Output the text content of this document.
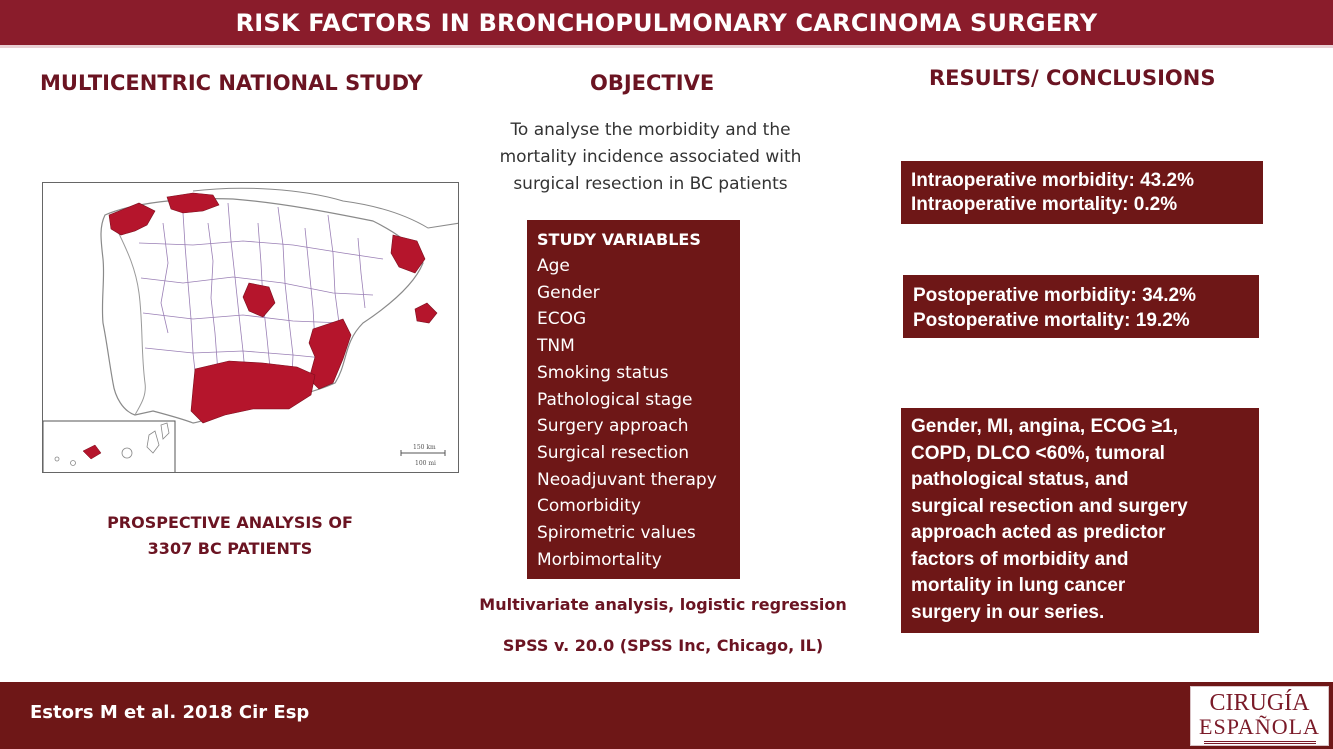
RISK FACTORS IN BRONCHOPULMONARY CARCINOMA SURGERY
MULTICENTRIC NATIONAL STUDY	OBJECTIVE	RESULTS/ CONCLUSIONS
150 km
100 mi
PROSPECTIVE ANALYSIS OF
3307 BC PATIENTS
To analyse the morbidity and the
mortality incidence associated with
surgical resection in BC patients
STUDY VARIABLES
Age
Gender
ECOG
TNM
Smoking status
Pathological stage
Surgery approach
Surgical resection
Neoadjuvant therapy
Comorbidity
Spirometric values
Morbimortality
Multivariate analysis, logistic regression
SPSS v. 20.0 (SPSS Inc, Chicago, IL)
Intraoperative morbidity: 43.2%
Intraoperative mortality: 0.2%
Postoperative morbidity: 34.2%
Postoperative mortality: 19.2%
Gender, MI, angina, ECOG ≥1,
COPD, DLCO <60%, tumoral
pathological status, and
surgical resection and surgery
approach acted as predictor
factors of morbidity and
mortality in lung cancer
surgery in our series.
Estors M et al. 2018 Cir Esp	CIRUGÍA
ESPAÑOLA
